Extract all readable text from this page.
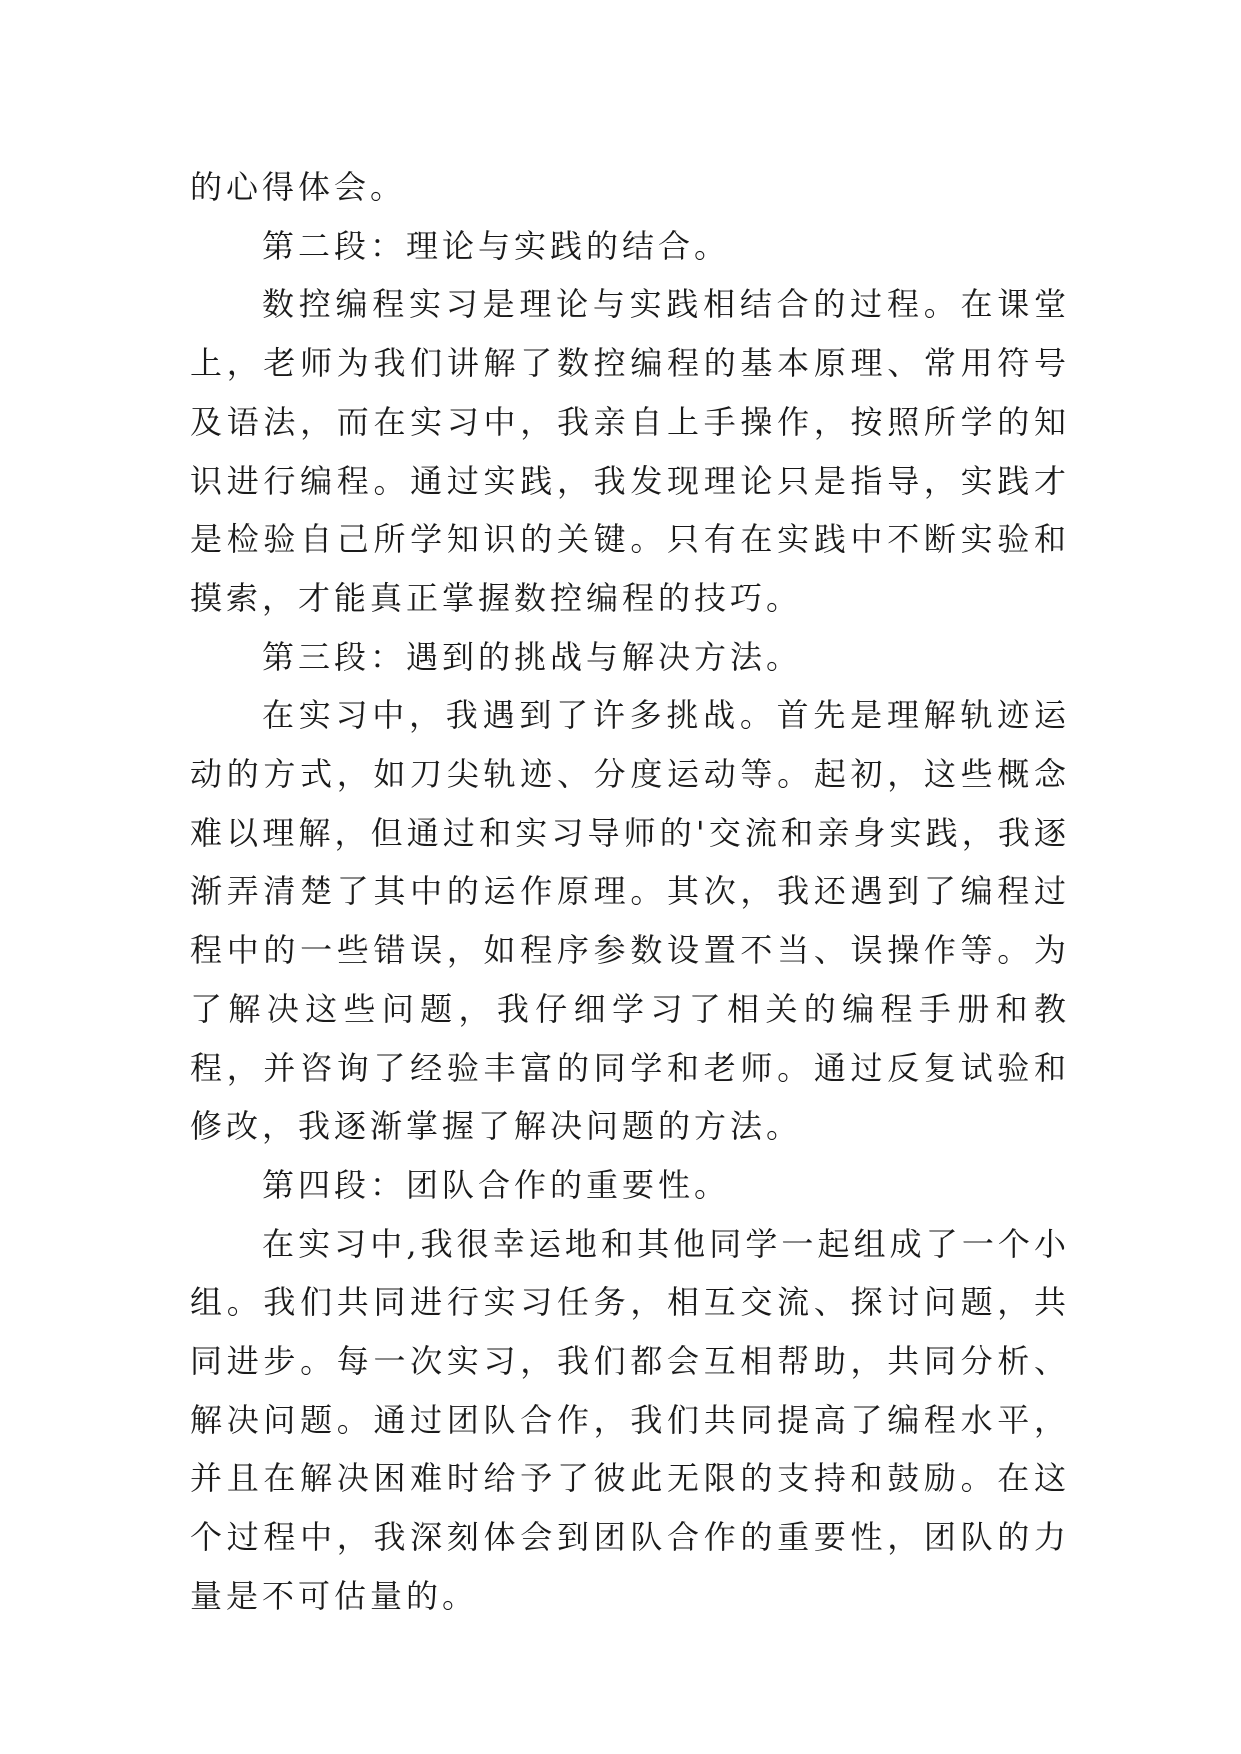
的心得体会。

第二段：理论与实践的结合。

数控编程实习是理论与实践相结合的过程。在课堂上，老师为我们讲解了数控编程的基本原理、常用符号及语法，而在实习中，我亲自上手操作，按照所学的知识进行编程。通过实践，我发现理论只是指导，实践才是检验自己所学知识的关键。只有在实践中不断实验和摸索，才能真正掌握数控编程的技巧。

第三段：遇到的挑战与解决方法。

在实习中，我遇到了许多挑战。首先是理解轨迹运动的方式，如刀尖轨迹、分度运动等。起初，这些概念难以理解，但通过和实习导师的'交流和亲身实践，我逐渐弄清楚了其中的运作原理。其次，我还遇到了编程过程中的一些错误，如程序参数设置不当、误操作等。为了解决这些问题，我仔细学习了相关的编程手册和教程，并咨询了经验丰富的同学和老师。通过反复试验和修改，我逐渐掌握了解决问题的方法。

第四段：团队合作的重要性。

在实习中,我很幸运地和其他同学一起组成了一个小组。我们共同进行实习任务，相互交流、探讨问题，共同进步。每一次实习，我们都会互相帮助，共同分析、解决问题。通过团队合作，我们共同提高了编程水平，并且在解决困难时给予了彼此无限的支持和鼓励。在这个过程中，我深刻体会到团队合作的重要性，团队的力量是不可估量的。
